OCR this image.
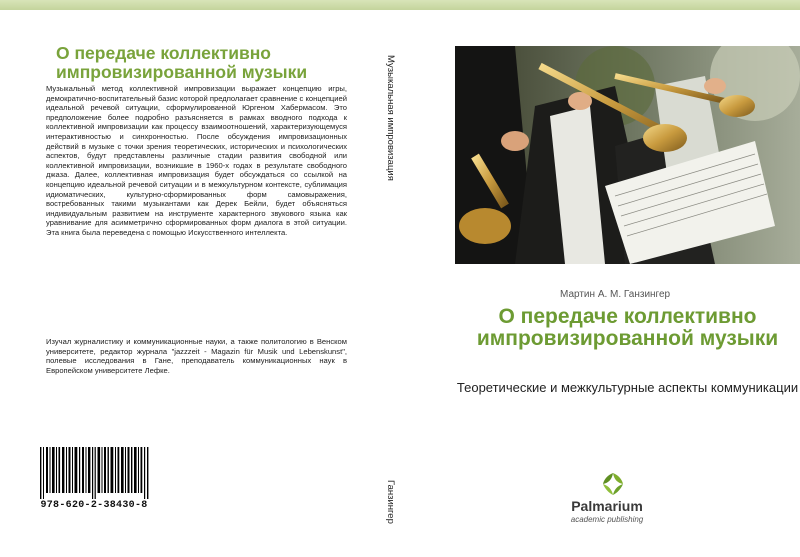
О передаче коллективно импровизированной музыки

Музыкальный метод коллективной импровизации выражает концепцию игры, демократично-воспитательный базис которой предполагает сравнение с концепцией идеальной речевой ситуации, сформулированной Юргеном Хабермасом. Это предположение более подробно разъясняется в рамках вводного подхода к коллективной импровизации как процессу взаимоотношений, характеризующемуся интерактивностью и синхронностью. После обсуждения импровизационных действий в музыке с точки зрения теоретических, исторических и психологических аспектов, будут представлены различные стадии развития свободной или коллективной импровизации, возникшие в 1960-х годах в результате свободного джаза. Далее, коллективная импровизация будет обсуждаться со ссылкой на концепцию идеальной речевой ситуации и в межкультурном контексте, сублимация идиоматических, культурно-сформированных форм самовыражения, востребованных такими музыкантами как Дерек Бейли, будет объясняться индивидуальным развитием на инструменте характерного звукового языка как уравнивание для асимметрично сформированных форм диалога в этой ситуации. Эта книга была переведена с помощью Искусственного интеллекта.

Изучал журналистику и коммуникационные науки, а также политологию в Венском университете, редактор журнала "jazzzeit - Magazin für Musik und Lebenskunst", полевые исследования в Гане, преподаватель коммуникационных наук в Европейском университете Лефке.

978-620-2-38430-8
Музыкальная импровизация
Ганзингер

Мартин А. М. Ганзингер

О передаче коллективно импровизированной музыки

Теоретические и межкультурные аспекты коммуникации

Palmarium
academic publishing
